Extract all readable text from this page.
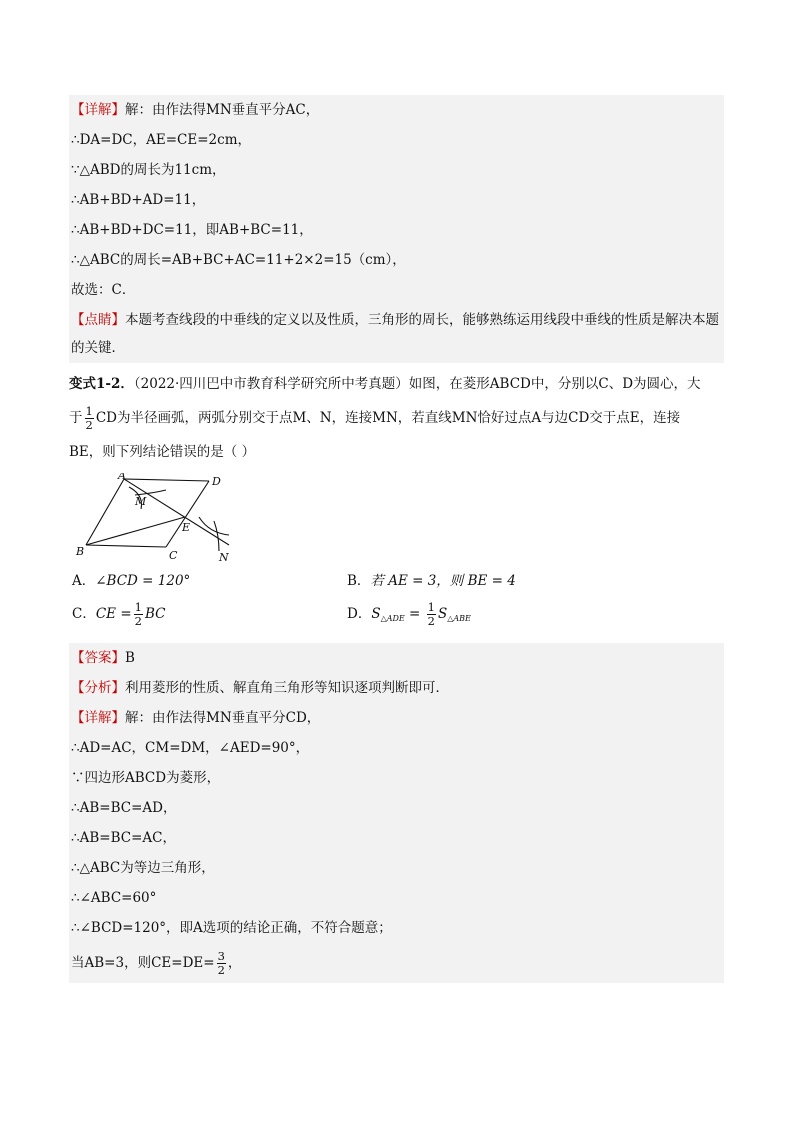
【详解】解：由作法得MN垂直平分AC，
∴DA=DC，AE=CE=2cm，
∵△ABD的周长为11cm，
∴AB+BD+AD=11，
∴AB+BD+DC=11，即AB+BC=11，
∴△ABC的周长=AB+BC+AC=11+2×2=15（cm），
故选：C．
【点睛】本题考查线段的中垂线的定义以及性质，三角形的周长，能够熟练运用线段中垂线的性质是解决本题的关键．
变式1-2．（2022·四川巴中市教育科学研究所中考真题）如图，在菱形ABCD中，分别以C、D为圆心，大
于 $\frac{1}{2}$ CD为半径画弧，两弧分别交于点M、N，连接MN，若直线MN恰好过点A与边CD交于点E，连接
BE，则下列结论错误的是（ ）
A	D
B	C
E
M
N
A．∠BCD = 120°	B．若 AE = 3，则 BE = 4
C．CE = $\frac{1}{2}$ BC	D．$S_{\triangle ADE} = \frac{1}{2} S_{\triangle ABE}$
【答案】B
【分析】利用菱形的性质、解直角三角形等知识逐项判断即可．
【详解】解：由作法得MN垂直平分CD，
∴AD=AC，CM=DM，∠AED=90°，
∵四边形ABCD为菱形，
∴AB=BC=AD，
∴AB=BC=AC，
∴△ABC为等边三角形，
∴∠ABC=60°
∴∠BCD=120°，即A选项的结论正确，不符合题意；
当AB=3，则$CE=DE= \frac{3}{2}$ ，
